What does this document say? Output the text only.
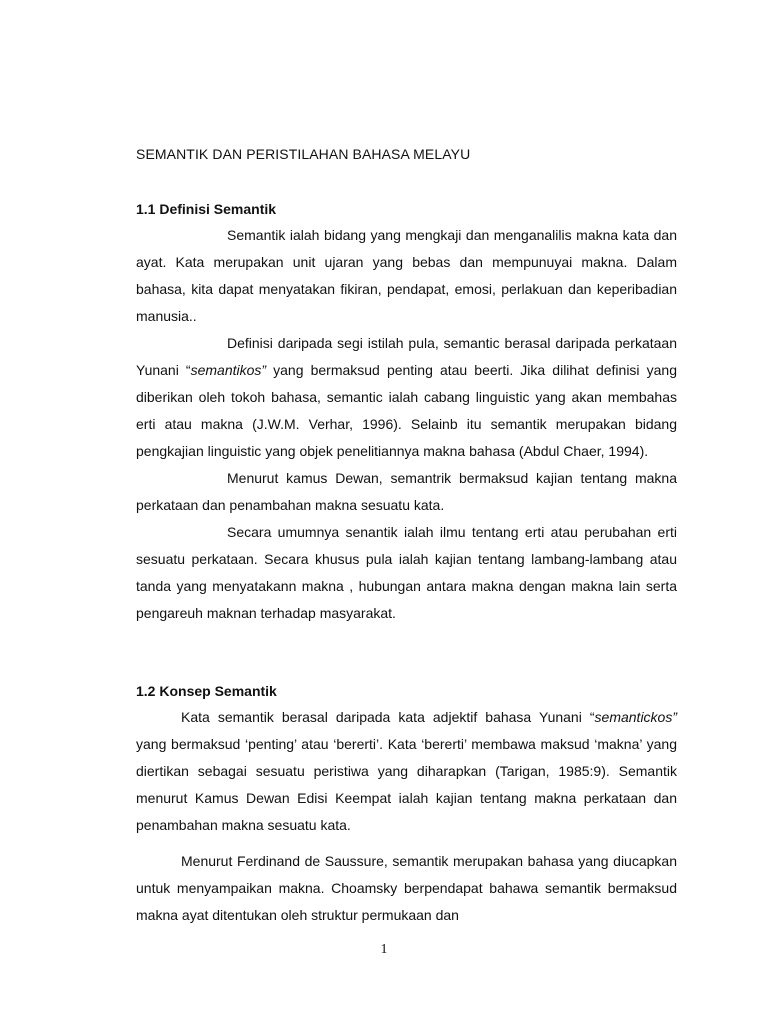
SEMANTIK DAN PERISTILAHAN BAHASA MELAYU
1.1 Definisi Semantik

Semantik ialah bidang yang mengkaji dan menganalilis makna kata dan ayat. Kata merupakan unit ujaran yang bebas dan mempunuyai makna. Dalam bahasa, kita dapat menyatakan fikiran, pendapat, emosi, perlakuan dan keperibadian manusia..

Definisi daripada segi istilah pula, semantic berasal daripada perkataan Yunani “semantikos” yang bermaksud penting atau beerti. Jika dilihat definisi yang diberikan oleh tokoh bahasa, semantic ialah cabang linguistic yang akan membahas erti atau makna (J.W.M. Verhar, 1996). Selainb itu semantik merupakan bidang pengkajian linguistic yang objek penelitiannya makna bahasa (Abdul Chaer, 1994).

Menurut kamus Dewan, semantrik bermaksud kajian tentang makna perkataan dan penambahan makna sesuatu kata.

Secara umumnya senantik ialah ilmu tentang erti atau perubahan erti sesuatu perkataan. Secara khusus pula ialah kajian tentang lambang-lambang atau tanda yang menyatakann makna , hubungan antara makna dengan makna lain serta pengareuh maknan terhadap masyarakat.

1.2 Konsep Semantik

Kata semantik berasal daripada kata adjektif bahasa Yunani “semantickos” yang bermaksud ‘penting’ atau ‘bererti’. Kata ‘bererti’ membawa maksud ‘makna’ yang diertikan sebagai sesuatu peristiwa yang diharapkan (Tarigan, 1985:9). Semantik menurut Kamus Dewan Edisi Keempat ialah kajian tentang makna perkataan dan penambahan makna sesuatu kata.

Menurut Ferdinand de Saussure, semantik merupakan bahasa yang diucapkan untuk menyampaikan makna. Choamsky berpendapat bahawa semantik bermaksud makna ayat ditentukan oleh struktur permukaan dan

1
